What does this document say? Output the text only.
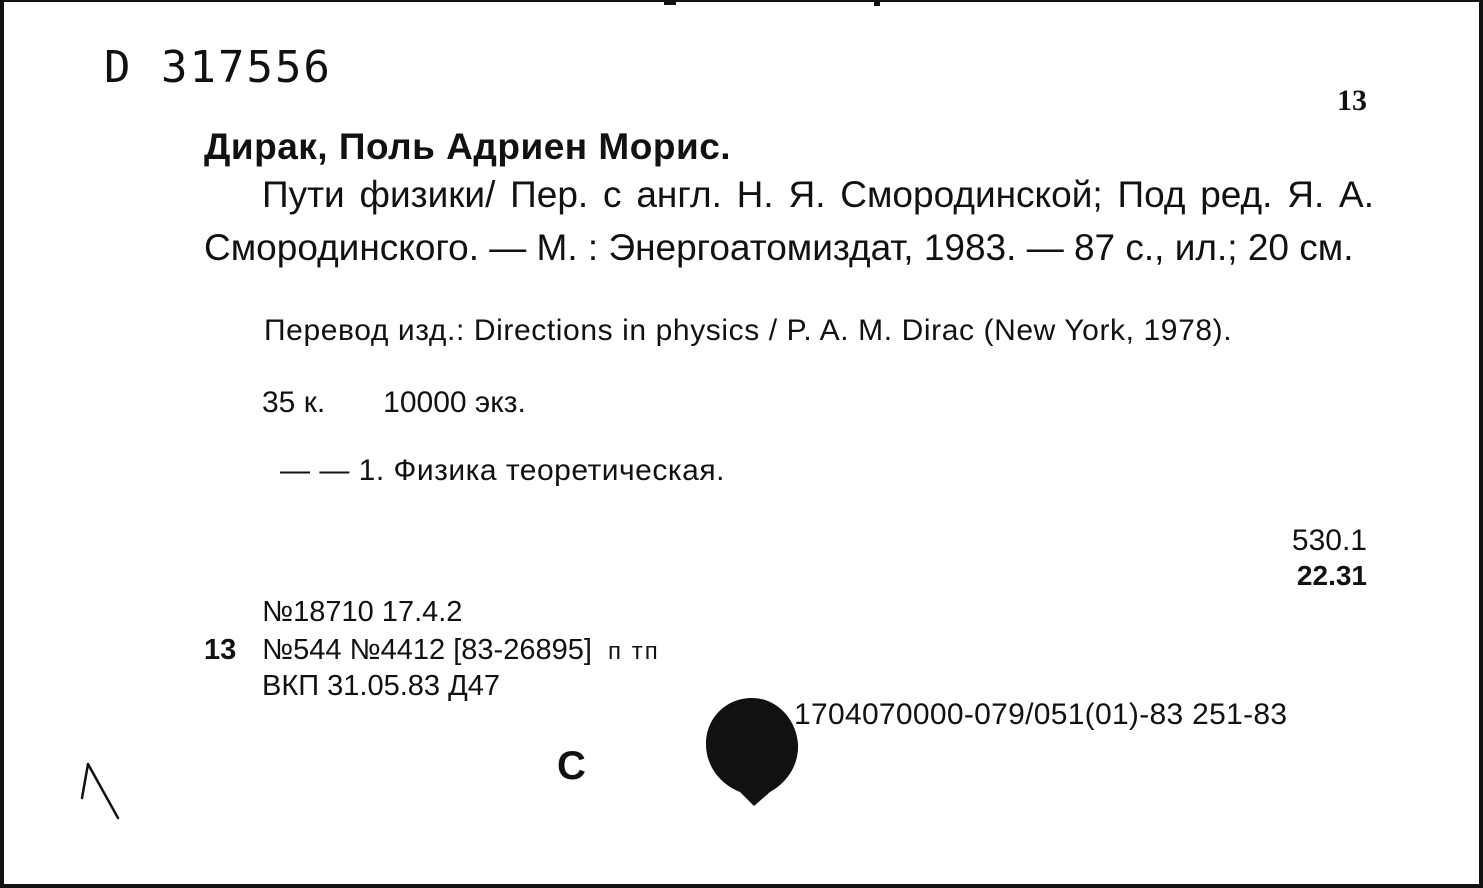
D 317556
13
Дирак, Поль Адриен Морис.
Пути физики/ Пер. с англ. Н. Я. Смородинской; Под ред. Я. А. Смородинского. — М. : Энергоатомиздат, 1983. — 87 с., ил.; 20 см.
Перевод изд.: Directions in physics / P. A. M. Dirac (New York, 1978).
35 к. 10000 экз.
— — 1. Физика теоретическая.
530.1
22.31
№18710 17.4.2
13 №544 №4412 [83-26895] п тп
ВКП 31.05.83 Д47
С
1704070000-079/051(01)-83 251-83
